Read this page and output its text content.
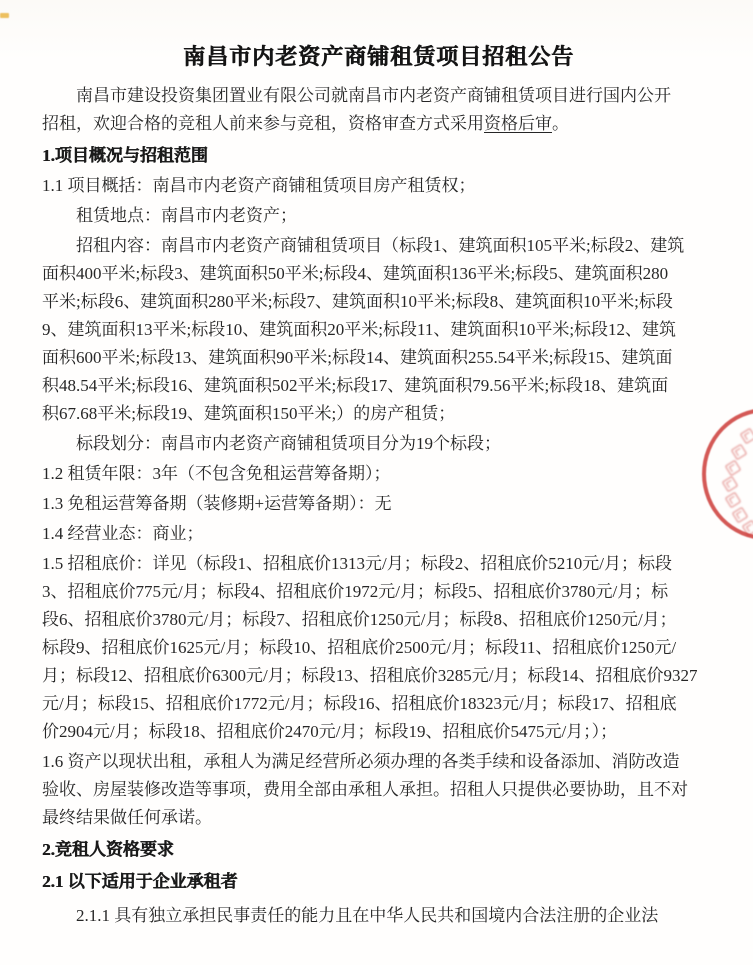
南昌市内老资产商铺租赁项目招租公告
南昌市建设投资集团置业有限公司就南昌市内老资产商铺租赁项目进行国内公开
招租，欢迎合格的竞租人前来参与竞租，资格审查方式采用资格后审。
1.项目概况与招租范围
1.1 项目概括：南昌市内老资产商铺租赁项目房产租赁权；
租赁地点：南昌市内老资产；
招租内容：南昌市内老资产商铺租赁项目（标段1、建筑面积105平米;标段2、建筑
面积400平米;标段3、建筑面积50平米;标段4、建筑面积136平米;标段5、建筑面积280
平米;标段6、建筑面积280平米;标段7、建筑面积10平米;标段8、建筑面积10平米;标段
9、建筑面积13平米;标段10、建筑面积20平米;标段11、建筑面积10平米;标段12、建筑
面积600平米;标段13、建筑面积90平米;标段14、建筑面积255.54平米;标段15、建筑面
积48.54平米;标段16、建筑面积502平米;标段17、建筑面积79.56平米;标段18、建筑面
积67.68平米;标段19、建筑面积150平米;）的房产租赁；
标段划分：南昌市内老资产商铺租赁项目分为19个标段；
1.2 租赁年限：3年（不包含免租运营筹备期）；
1.3 免租运营筹备期（装修期+运营筹备期）：无
1.4 经营业态：商业；
1.5 招租底价：详见（标段1、招租底价1313元/月；标段2、招租底价5210元/月；标段
3、招租底价775元/月；标段4、招租底价1972元/月；标段5、招租底价3780元/月；标
段6、招租底价3780元/月；标段7、招租底价1250元/月；标段8、招租底价1250元/月；
标段9、招租底价1625元/月；标段10、招租底价2500元/月；标段11、招租底价1250元/
月；标段12、招租底价6300元/月；标段13、招租底价3285元/月；标段14、招租底价9327
元/月；标段15、招租底价1772元/月；标段16、招租底价18323元/月；标段17、招租底
价2904元/月；标段18、招租底价2470元/月；标段19、招租底价5475元/月；）；
1.6 资产以现状出租，承租人为满足经营所必须办理的各类手续和设备添加、消防改造
验收、房屋装修改造等事项，费用全部由承租人承担。招租人只提供必要协助，且不对
最终结果做任何承诺。
2.竞租人资格要求
2.1 以下适用于企业承租者
2.1.1 具有独立承担民事责任的能力且在中华人民共和国境内合法注册的企业法
